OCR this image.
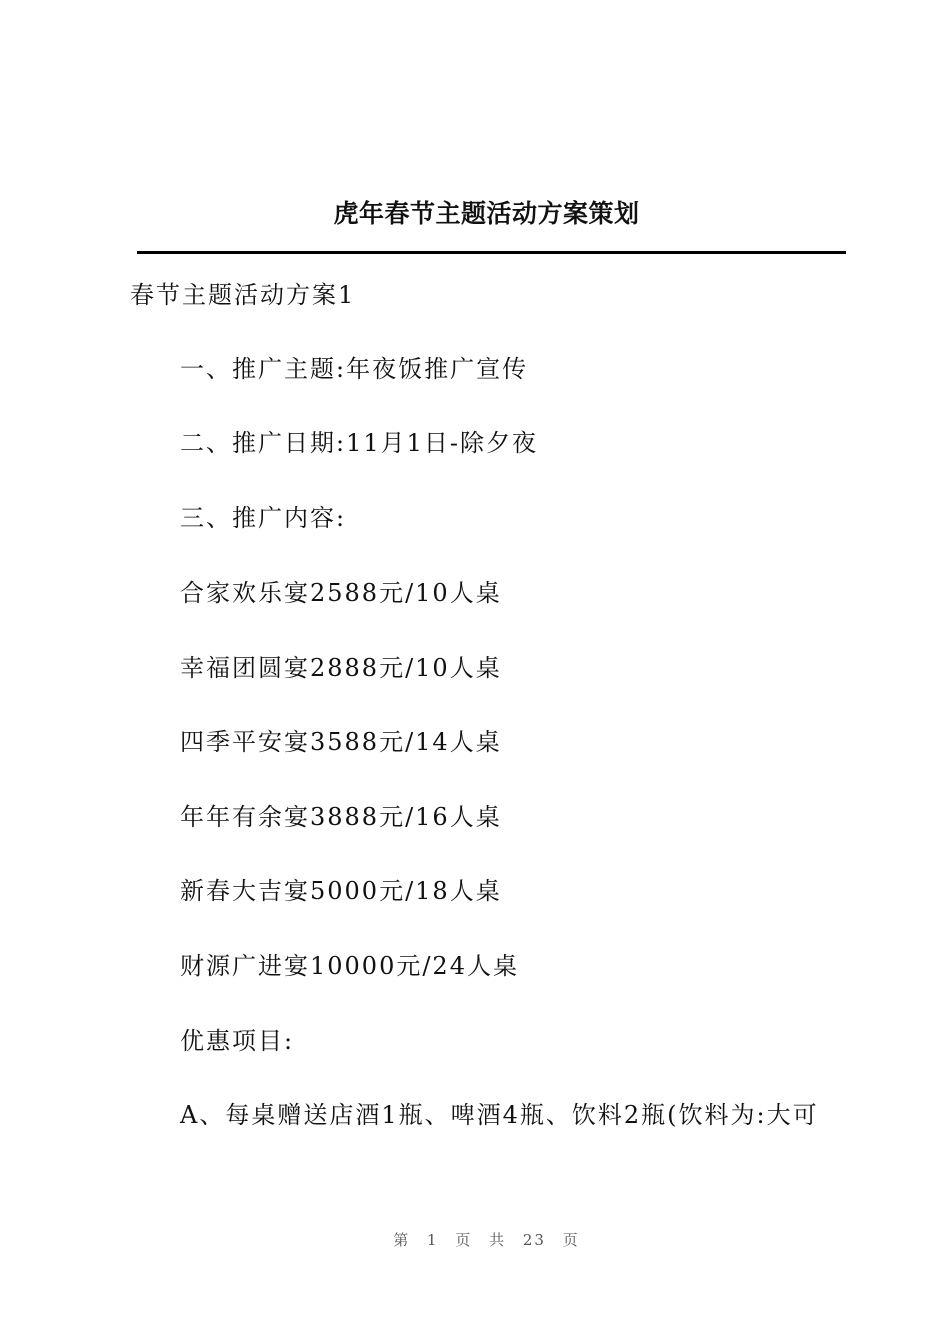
虎年春节主题活动方案策划
春节主题活动方案1
一、推广主题:年夜饭推广宣传
二、推广日期:11月1日-除夕夜
三、推广内容:
合家欢乐宴2588元/10人桌
幸福团圆宴2888元/10人桌
四季平安宴3588元/14人桌
年年有余宴3888元/16人桌
新春大吉宴5000元/18人桌
财源广进宴10000元/24人桌
优惠项目:
A、每桌赠送店酒1瓶、啤酒4瓶、饮料2瓶(饮料为:大可
第 1 页 共 23 页
